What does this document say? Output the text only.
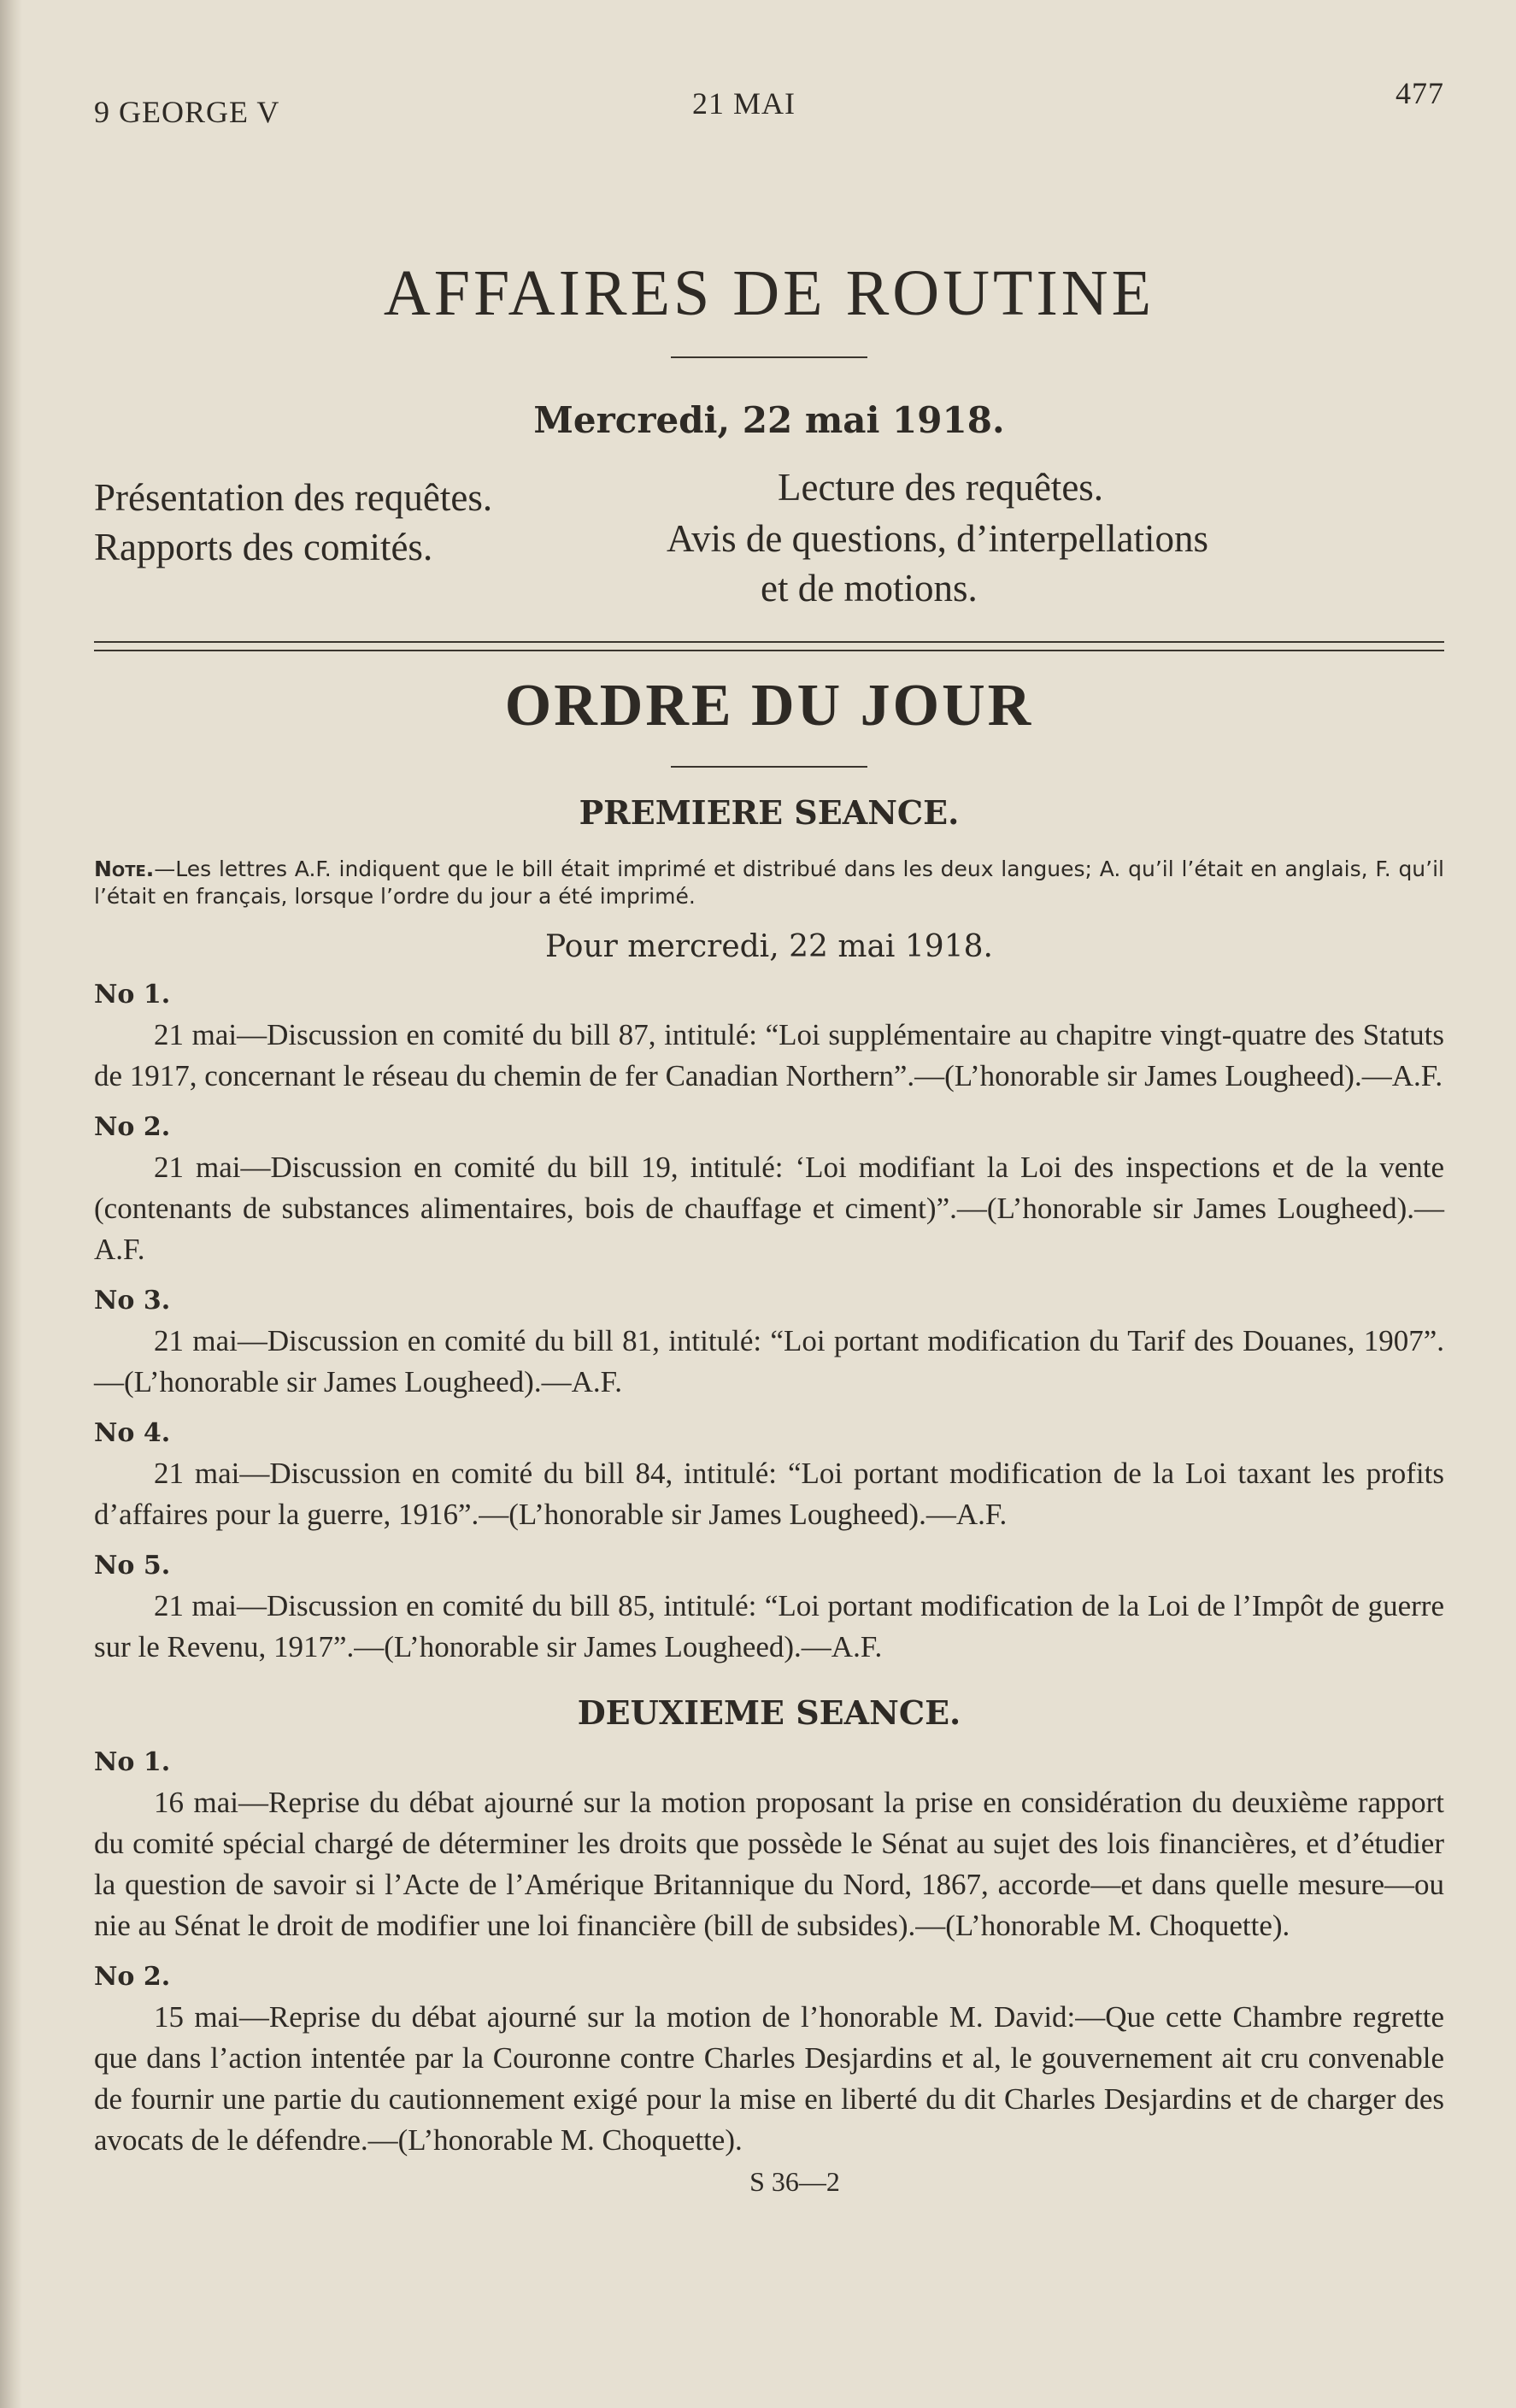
9 GEORGE V	21 MAI	477
AFFAIRES DE ROUTINE
Mercredi, 22 mai 1918.
Présentation des requêtes.	Lecture des requêtes.
Rapports des comités.	Avis de questions, d’interpellations
et de motions.
ORDRE DU JOUR
PREMIERE SEANCE.
Note.—Les lettres A.F. indiquent que le bill était imprimé et distribué dans les deux langues; A. qu’il l’était en anglais, F. qu’il l’était en français, lorsque l’ordre du jour a été imprimé.
Pour mercredi, 22 mai 1918.
No 1.
21 mai—Discussion en comité du bill 87, intitulé: “Loi supplémentaire au chapitre vingt-quatre des Statuts de 1917, concernant le réseau du chemin de fer Canadian Northern”.—(L’honorable sir James Lougheed).—A.F.
No 2.
21 mai—Discussion en comité du bill 19, intitulé: ‘Loi modifiant la Loi des inspections et de la vente (contenants de substances alimentaires, bois de chauffage et ciment)”.—(L’honorable sir James Lougheed).—A.F.
No 3.
21 mai—Discussion en comité du bill 81, intitulé: “Loi portant modification du Tarif des Douanes, 1907”.—(L’honorable sir James Lougheed).—A.F.
No 4.
21 mai—Discussion en comité du bill 84, intitulé: “Loi portant modification de la Loi taxant les profits d’affaires pour la guerre, 1916”.—(L’honorable sir James Lougheed).—A.F.
No 5.
21 mai—Discussion en comité du bill 85, intitulé: “Loi portant modification de la Loi de l’Impôt de guerre sur le Revenu, 1917”.—(L’honorable sir James Lougheed).—A.F.
DEUXIEME SEANCE.
No 1.
16 mai—Reprise du débat ajourné sur la motion proposant la prise en considération du deuxième rapport du comité spécial chargé de déterminer les droits que possède le Sénat au sujet des lois financières, et d’étudier la question de savoir si l’Acte de l’Amérique Britannique du Nord, 1867, accorde—et dans quelle mesure—ou nie au Sénat le droit de modifier une loi financière (bill de subsides).—(L’honorable M. Choquette).
No 2.
15 mai—Reprise du débat ajourné sur la motion de l’honorable M. David:—Que cette Chambre regrette que dans l’action intentée par la Couronne contre Charles Desjardins et al, le gouvernement ait cru convenable de fournir une partie du cautionnement exigé pour la mise en liberté du dit Charles Desjardins et de charger des avocats de le défendre.—(L’honorable M. Choquette).
S 36—2
